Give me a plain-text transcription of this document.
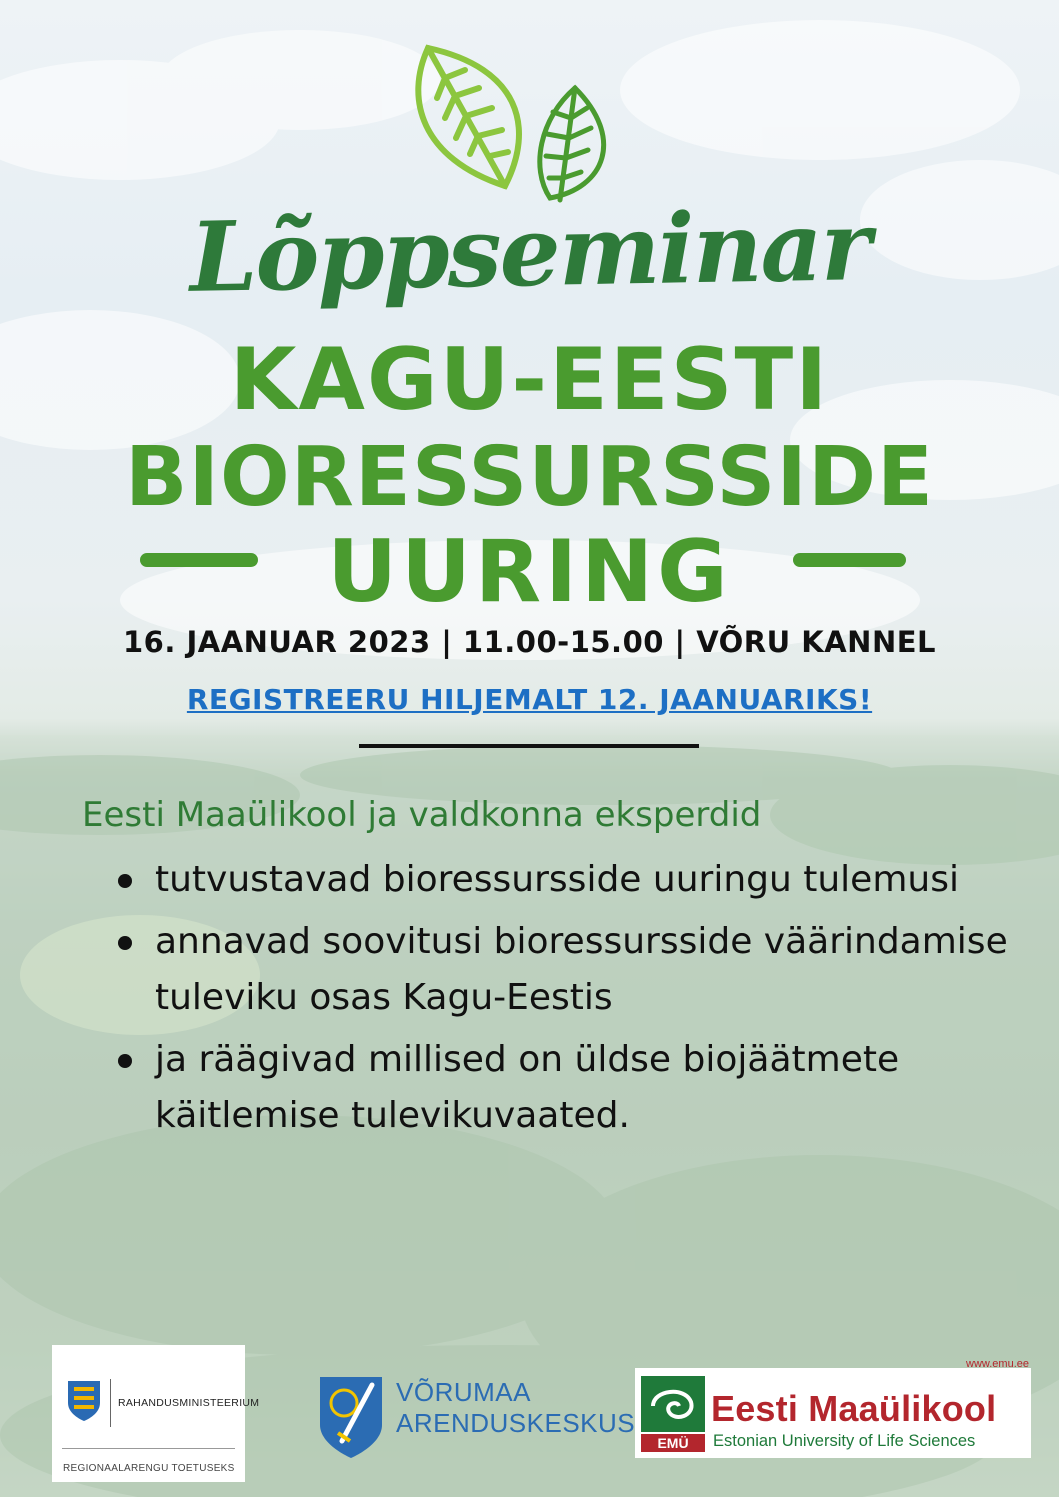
Lõppseminar
KAGU-EESTI
BIORESSURSSIDE
UURING
16. JAANUAR 2023 | 11.00-15.00 | VÕRU KANNEL
REGISTREERU HILJEMALT 12. JAANUARIKS!
Eesti Maaülikool ja valdkonna eksperdid
tutvustavad bioressursside uuringu tulemusi
annavad soovitusi bioressursside väärindamise tuleviku osas Kagu-Eestis
ja räägivad millised on üldse biojäätmete käitlemise tulevikuvaated.
RAHANDUSMINISTEERIUM
REGIONAALARENGU TOETUSEKS
VÕRUMAA
ARENDUSKESKUS
www.emu.ee
EMÜ
Eesti Maaülikool
Estonian University of Life Sciences
